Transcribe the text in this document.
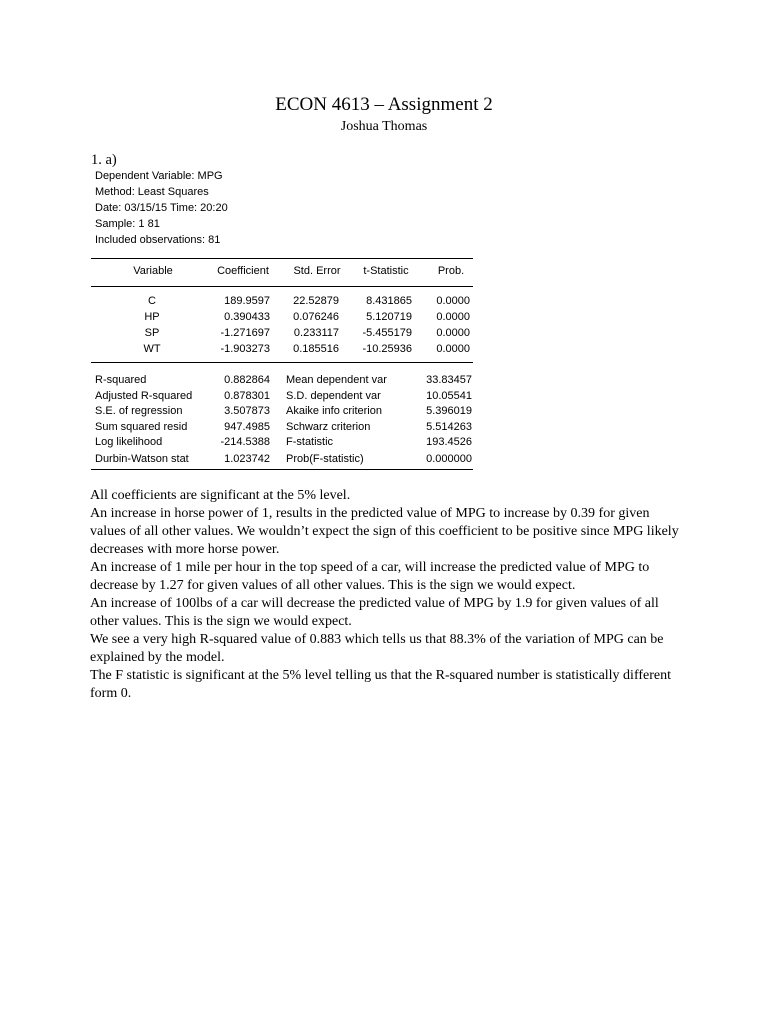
ECON 4613 – Assignment 2
Joshua Thomas
1. a)
Dependent Variable: MPG
Method: Least Squares
Date: 03/15/15 Time: 20:20
Sample: 1 81
Included observations: 81
Variable	Coefficient	Std. Error	t-Statistic	Prob.
C	189.9597	22.52879	8.431865	0.0000
HP	0.390433	0.076246	5.120719	0.0000
SP	-1.271697	0.233117	-5.455179	0.0000
WT	-1.903273	0.185516	-10.25936	0.0000
R-squared	0.882864 Mean dependent var	33.83457
Adjusted R-squared	0.878301 S.D. dependent var	10.05541
S.E. of regression	3.507873 Akaike info criterion	5.396019
Sum squared resid	947.4985 Schwarz criterion	5.514263
Log likelihood	-214.5388 F-statistic	193.4526
Durbin-Watson stat	1.023742 Prob(F-statistic)	0.000000

All coefficients are significant at the 5% level.

An increase in horse power of 1, results in the predicted value of MPG to increase by 0.39 for given values of all other values. We wouldn’t expect the sign of this coefficient to be positive since MPG likely decreases with more horse power.

An increase of 1 mile per hour in the top speed of a car, will increase the predicted value of MPG to decrease by 1.27 for given values of all other values. This is the sign we would expect.

An increase of 100lbs of a car will decrease the predicted value of MPG by 1.9 for given values of all other values. This is the sign we would expect.

We see a very high R-squared value of 0.883 which tells us that 88.3% of the variation of MPG can be explained by the model.

The F statistic is significant at the 5% level telling us that the R-squared number is statistically different form 0.
